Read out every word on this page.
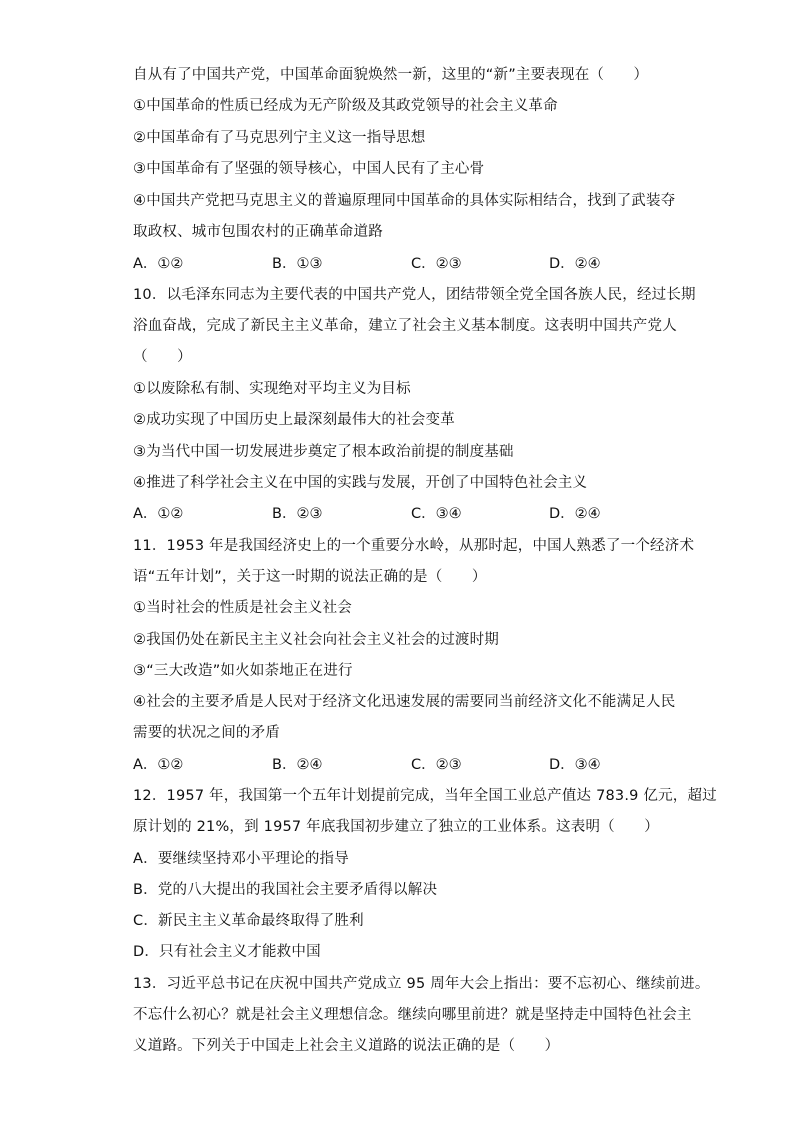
自从有了中国共产党，中国革命面貌焕然一新，这里的“新”主要表现在（　　）
①中国革命的性质已经成为无产阶级及其政党领导的社会主义革命
②中国革命有了马克思列宁主义这一指导思想
③中国革命有了坚强的领导核心，中国人民有了主心骨
④中国共产党把马克思主义的普遍原理同中国革命的具体实际相结合，找到了武装夺
取政权、城市包围农村的正确革命道路
A．①②	B．①③	C．②③	D．②④
10．以毛泽东同志为主要代表的中国共产党人，团结带领全党全国各族人民，经过长期
浴血奋战，完成了新民主主义革命，建立了社会主义基本制度。这表明中国共产党人
（　　）
①以废除私有制、实现绝对平均主义为目标
②成功实现了中国历史上最深刻最伟大的社会变革
③为当代中国一切发展进步奠定了根本政治前提的制度基础
④推进了科学社会主义在中国的实践与发展，开创了中国特色社会主义
A．①②	B．②③	C．③④	D．②④
11．1953 年是我国经济史上的一个重要分水岭，从那时起，中国人熟悉了一个经济术
语“五年计划”，关于这一时期的说法正确的是（　　）
①当时社会的性质是社会主义社会
②我国仍处在新民主主义社会向社会主义社会的过渡时期
③“三大改造”如火如荼地正在进行
④社会的主要矛盾是人民对于经济文化迅速发展的需要同当前经济文化不能满足人民
需要的状况之间的矛盾
A．①②	B．②④	C．②③	D．③④
12．1957 年，我国第一个五年计划提前完成，当年全国工业总产值达 783.9 亿元，超过
原计划的 21%，到 1957 年底我国初步建立了独立的工业体系。这表明（　　）
A．要继续坚持邓小平理论的指导
B．党的八大提出的我国社会主要矛盾得以解决
C．新民主主义革命最终取得了胜利
D．只有社会主义才能救中国
13．习近平总书记在庆祝中国共产党成立 95 周年大会上指出：要不忘初心、继续前进。
不忘什么初心？就是社会主义理想信念。继续向哪里前进？就是坚持走中国特色社会主
义道路。下列关于中国走上社会主义道路的说法正确的是（　　）
